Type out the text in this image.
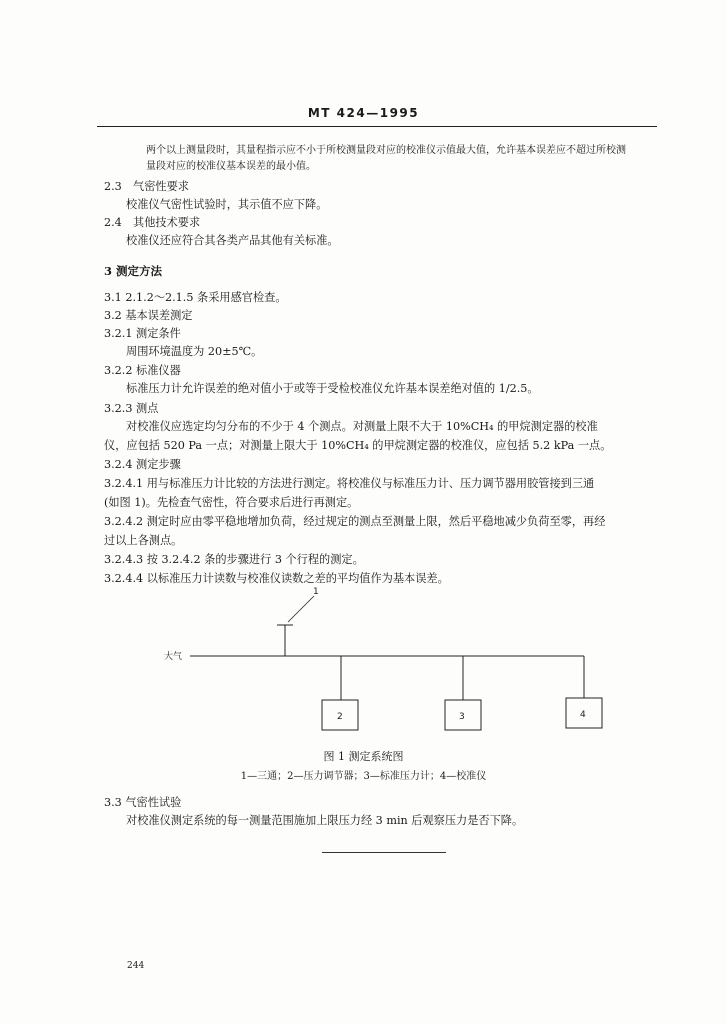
MT 424—1995
两个以上测量段时，其量程指示应不小于所校测量段对应的校准仪示值最大值，允许基本误差应不超过所校测
量段对应的校准仪基本误差的最小值。
2.3 气密性要求
校准仪气密性试验时，其示值不应下降。
2.4 其他技术要求
校准仪还应符合其各类产品其他有关标准。
3 测定方法
3.1 2.1.2～2.1.5 条采用感官检查。
3.2 基本误差测定
3.2.1 测定条件
周围环境温度为 20±5℃。
3.2.2 标准仪器
标准压力计允许误差的绝对值小于或等于受检校准仪允许基本误差绝对值的 1/2.5。
3.2.3 测点
对校准仪应选定均匀分布的不少于 4 个测点。对测量上限不大于 10%CH₄ 的甲烷测定器的校准
仪，应包括 520 Pa 一点；对测量上限大于 10%CH₄ 的甲烷测定器的校准仪，应包括 5.2 kPa 一点。
3.2.4 测定步骤
3.2.4.1 用与标准压力计比较的方法进行测定。将校准仪与标准压力计、压力调节器用胶管接到三通
(如图 1)。先检查气密性，符合要求后进行再测定。
3.2.4.2 测定时应由零平稳地增加负荷，经过规定的测点至测量上限，然后平稳地减少负荷至零，再经
过以上各测点。
3.2.4.3 按 3.2.4.2 条的步骤进行 3 个行程的测定。
3.2.4.4 以标准压力计读数与校准仪读数之差的平均值作为基本误差。
大气
1
2	3	4
图 1 测定系统图
1—三通；2—压力调节器；3—标准压力计；4—校准仪
3.3 气密性试验
对校准仪测定系统的每一测量范围施加上限压力经 3 min 后观察压力是否下降。
244
